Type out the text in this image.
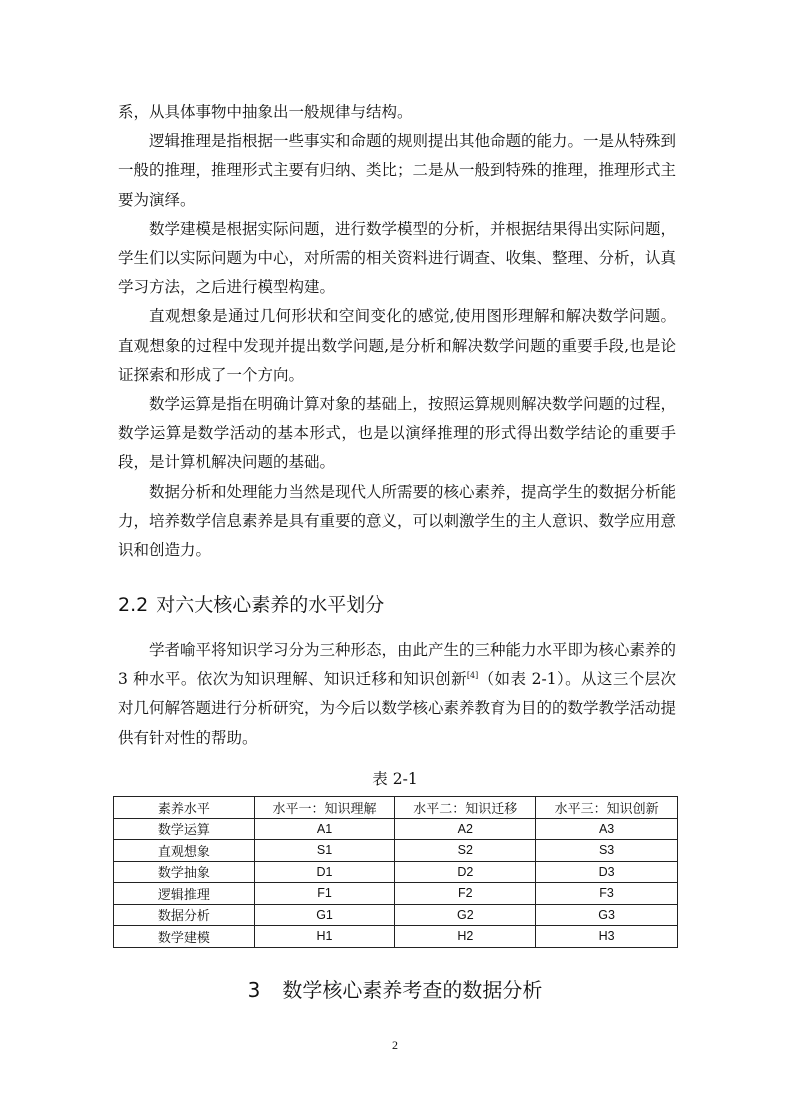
系，从具体事物中抽象出一般规律与结构。

逻辑推理是指根据一些事实和命题的规则提出其他命题的能力。一是从特殊到一般的推理，推理形式主要有归纳、类比；二是从一般到特殊的推理，推理形式主要为演绎。

数学建模是根据实际问题，进行数学模型的分析，并根据结果得出实际问题，学生们以实际问题为中心，对所需的相关资料进行调查、收集、整理、分析，认真学习方法，之后进行模型构建。

直观想象是通过几何形状和空间变化的感觉,使用图形理解和解决数学问题。直观想象的过程中发现并提出数学问题,是分析和解决数学问题的重要手段,也是论证探索和形成了一个方向。

数学运算是指在明确计算对象的基础上，按照运算规则解决数学问题的过程，数学运算是数学活动的基本形式，也是以演绎推理的形式得出数学结论的重要手段，是计算机解决问题的基础。

数据分析和处理能力当然是现代人所需要的核心素养，提高学生的数据分析能力，培养数学信息素养是具有重要的意义，可以刺激学生的主人意识、数学应用意识和创造力。

2.2 对六大核心素养的水平划分

学者喻平将知识学习分为三种形态，由此产生的三种能力水平即为核心素养的 3 种水平。依次为知识理解、知识迁移和知识创新[4]（如表 2-1）。从这三个层次对几何解答题进行分析研究，为今后以数学核心素养教育为目的的数学教学活动提供有针对性的帮助。

表 2-1
素养水平	水平一：知识理解	水平二：知识迁移	水平三：知识创新
数学运算	A1	A2	A3
直观想象	S1	S2	S3
数学抽象	D1	D2	D3
逻辑推理	F1	F2	F3
数据分析	G1	G2	G3
数学建模	H1	H2	H3
3 数学核心素养考查的数据分析
2
